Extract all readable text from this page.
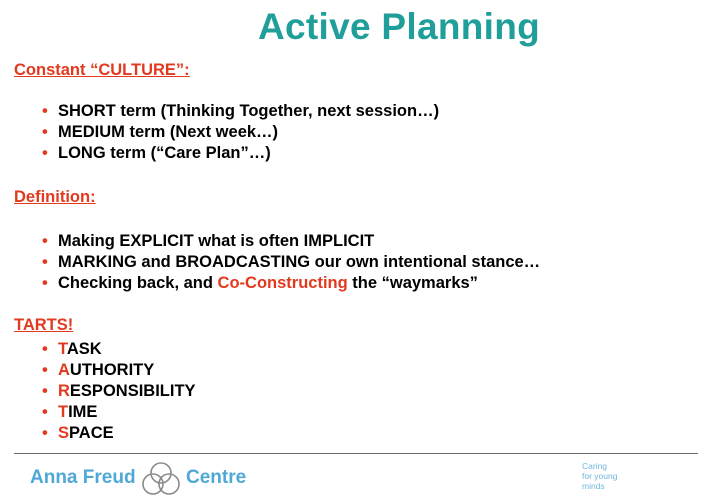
Active Planning
Constant “CULTURE”:
• SHORT term (Thinking Together, next session…)
• MEDIUM term (Next week…)
• LONG term (“Care Plan”…)
Definition:
• Making EXPLICIT what is often IMPLICIT
• MARKING and BROADCASTING our own intentional stance…
• Checking back, and Co-Constructing the “waymarks”
TARTS!
• TASK
• AUTHORITY
• RESPONSIBILITY
• TIME
• SPACE
Anna Freud	Centre
Caring
for young
minds
